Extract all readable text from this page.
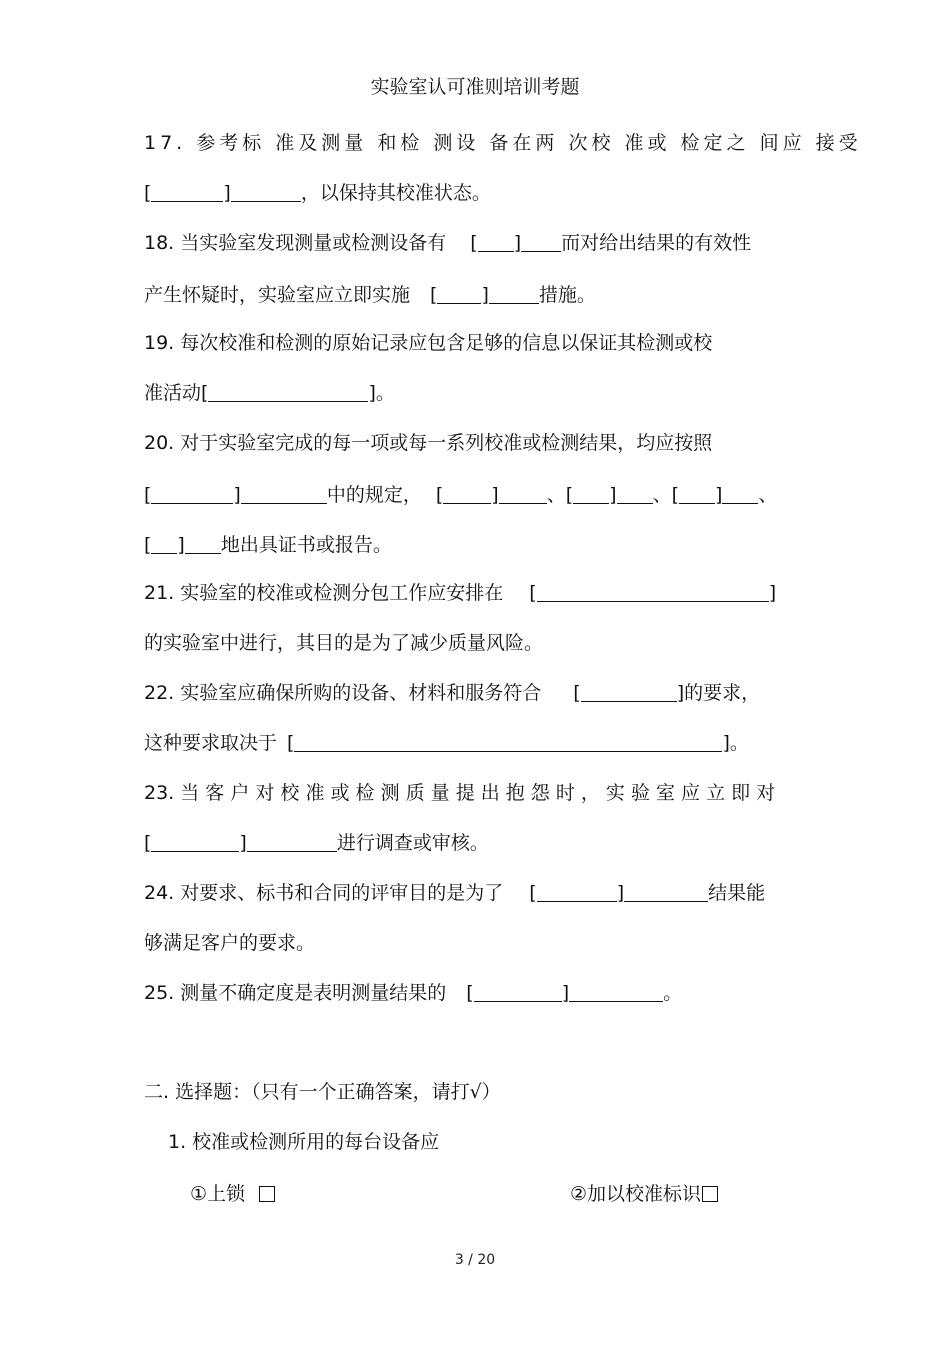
实验室认可准则培训考题
17. 参考标 准及测量 和检 测设 备在两 次校 准或 检定之 间应 接受
[	]	，以保持其校准状态。
18. 当实验室发现测量或检测设备有 [ ] 而对给出结果的有效性
产生怀疑时，实验室应立即实施 [ ]	措施。
19. 每次校准和检测的原始记录应包含足够的信息以保证其检测或校
准活动[	]。
20. 对于实验室完成的每一项或每一系列校准或检测结果，均应按照
[	]	中的规定， [	]	、[ ] 、[ ] 、
[ ] 地出具证书或报告。
21. 实验室的校准或检测分包工作应安排在 [	]
的实验室中进行，其目的是为了减少质量风险。
22. 实验室应确保所购的设备、材料和服务符合 [	]的要求，
这种要求取决于 [	]。
23. 当 客 户 对 校 准 或 检 测 质 量 提 出 抱 怨 时 ， 实 验 室 应 立 即 对
[	]	进行调查或审核。
24. 对要求、标书和合同的评审目的是为了 [	]	结果能
够满足客户的要求。
25. 测量不确定度是表明测量结果的 [	]	。
二. 选择题：（只有一个正确答案，请打√）
1. 校准或检测所用的每台设备应
①上锁	②加以校准标识
3 / 20
